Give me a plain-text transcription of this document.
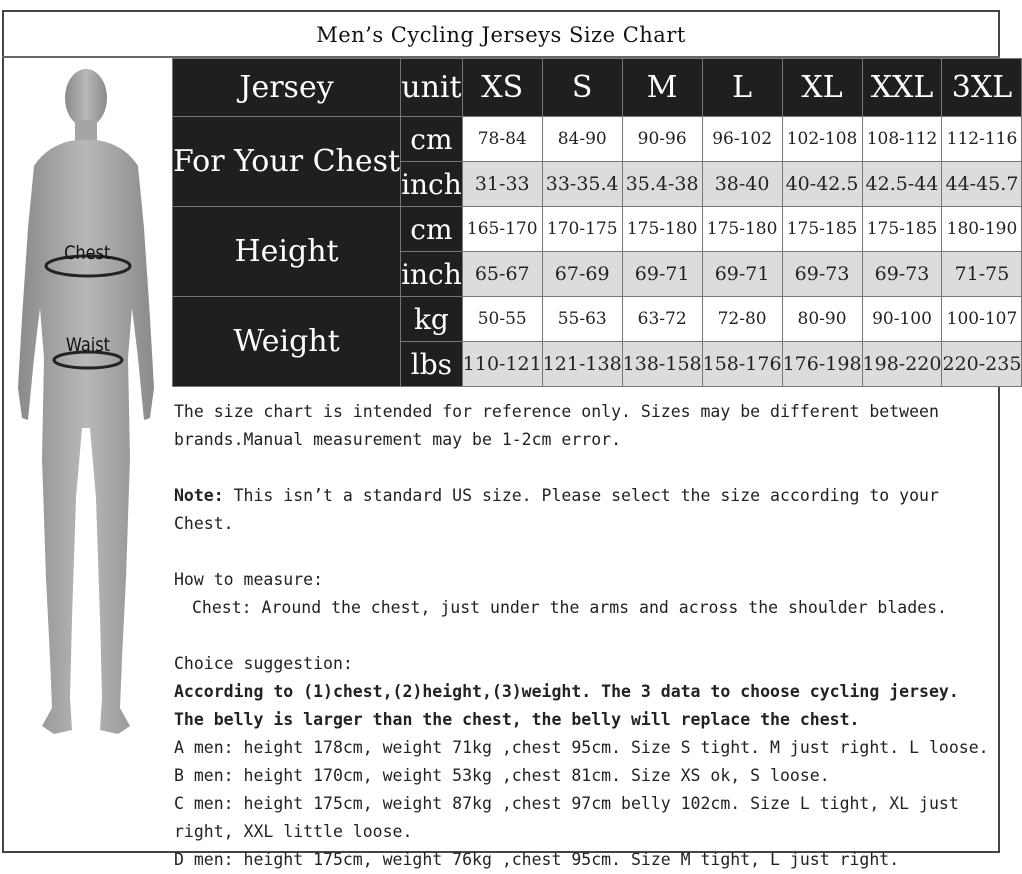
Men’s Cycling Jerseys Size Chart
Chest
Waist
Jersey	unit	XS	S	M	L	XL	XXL	3XL
For Your Chest	cm	78-84	84-90	90-96	96-102	102-108	108-112	112-116
	inch	31-33	33-35.4	35.4-38	38-40	40-42.5	42.5-44	44-45.7
Height	cm	165-170	170-175	175-180	175-180	175-185	175-185	180-190
	inch	65-67	67-69	69-71	69-71	69-73	69-73	71-75
Weight	kg	50-55	55-63	63-72	72-80	80-90	90-100	100-107
	lbs	110-121	121-138	138-158	158-176	176-198	198-220	220-235

The size chart is intended for reference only. Sizes may be different between brands.Manual measurement may be 1-2cm error.

Note: This isn’t a standard US size. Please select the size according to your Chest.

How to measure:

Chest: Around the chest, just under the arms and across the shoulder blades.

Choice suggestion:

According to (1)chest,(2)height,(3)weight. The 3 data to choose cycling jersey.

The belly is larger than the chest, the belly will replace the chest.

A men: height 178cm, weight 71kg ,chest 95cm. Size S tight. M just right. L loose.

B men: height 170cm, weight 53kg ,chest 81cm. Size XS ok, S loose.

C men: height 175cm, weight 87kg ,chest 97cm belly 102cm. Size L tight, XL just right, XXL little loose.

D men: height 175cm, weight 76kg ,chest 95cm. Size M tight, L just right.
